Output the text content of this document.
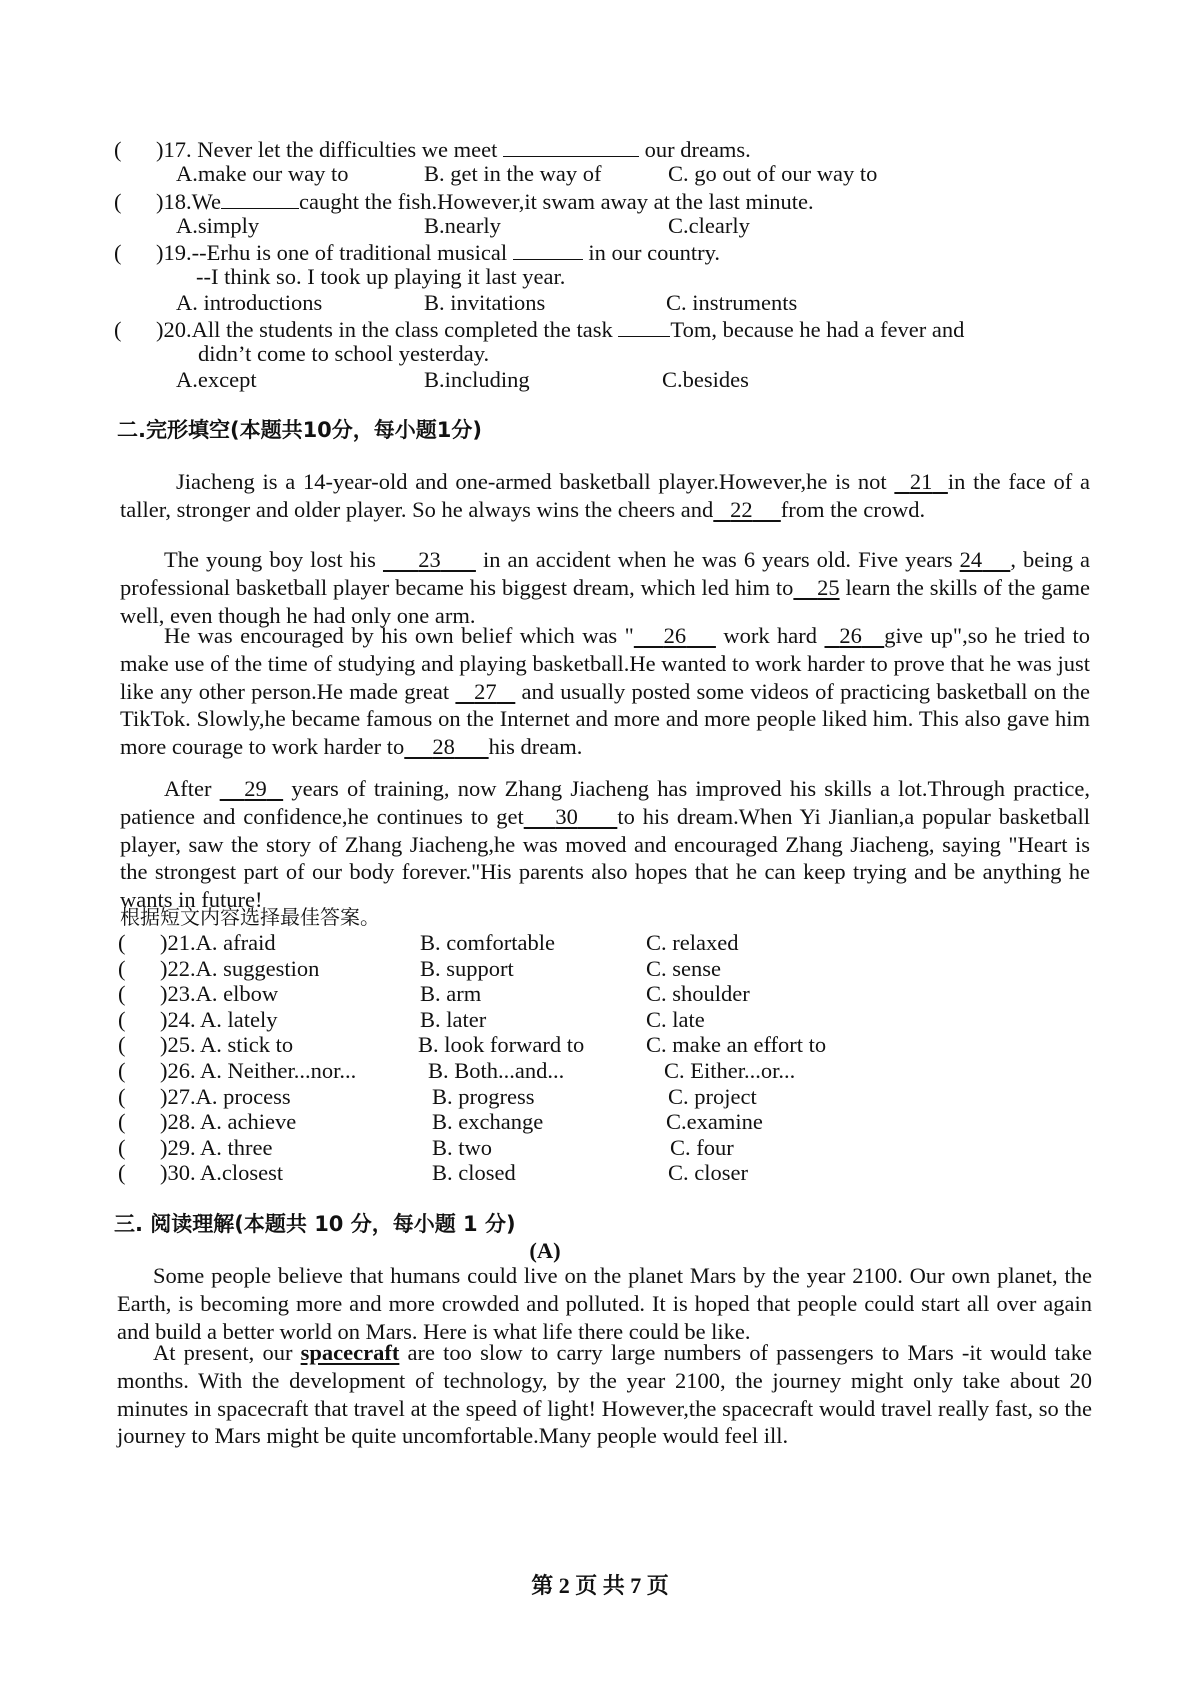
( )17. Never let the difficulties we meet	our dreams.
A.make our way to	B. get in the way of	C. go out of our way to
( )18.We	caught the fish.However,it swam away at the last minute.
A.simply	B.nearly	C.clearly
( )19.--Erhu is one of traditional musical	in our country.
--I think so. I took up playing it last year.
A. introductions	B. invitations	C. instruments
( )20.All the students in the class completed the task	Tom, because he had a fever and
didn’t come to school yesterday.
A.except	B.including	C.besides
二.完形填空(本题共10分，每小题1分)
Jiacheng is a 14-year-old and one-armed basketball player.However,he is not 21 in the face of a taller, stronger and older player. So he always wins the cheers and 22 from the crowd.
The young boy lost his 23      in an accident when he was 6 years old. Five years 24 , being a professional basketball player became his biggest dream, which led him to 25 learn the skills of the game well, even though he had only one arm.
He was encouraged by his own belief which was " 26     work hard   26 give up",so he tried to make use of the time of studying and playing basketball.He wanted to work harder to prove that he was just like any other person.He made great    27    and usually posted some videos of practicing basketball on the TikTok. Slowly,he became famous on the Internet and more and more people liked him. This also gave him more courage to work harder to 28 his dream.
After    29   years of training, now Zhang Jiacheng has improved his skills a lot.Through practice, patience and confidence,he continues to get 30 to his dream.When Yi Jianlian,a popular basketball player, saw the story of Zhang Jiacheng,he was moved and encouraged Zhang Jiacheng, saying "Heart is the strongest part of our body forever."His parents also hopes that he can keep trying and be anything he wants in future!
根据短文内容选择最佳答案。
( )21.A. afraid	B. comfortable	C. relaxed
( )22.A. suggestion	B. support	C. sense
( )23.A. elbow	B. arm	C. shoulder
( )24. A. lately	B. later	C. late
( )25. A. stick to	B. look forward to	C. make an effort to
( )26. A. Neither...nor...	B. Both...and...	C. Either...or...
( )27.A. process	B. progress	C. project
( )28. A. achieve	B. exchange	C.examine
( )29. A. three	B. two	C. four
( )30. A.closest	B. closed	C. closer
三. 阅读理解(本题共 10 分，每小题 1 分)
(A)
Some people believe that humans could live on the planet Mars by the year 2100. Our own planet, the Earth, is becoming more and more crowded and polluted. It is hoped that people could start all over again and build a better world on Mars. Here is what life there could be like.
At present, our spacecraft are too slow to carry large numbers of passengers to Mars -it would take months. With the development of technology, by the year 2100, the journey might only take about 20 minutes in spacecraft that travel at the speed of light! However,the spacecraft would travel really fast, so the journey to Mars might be quite uncomfortable.Many people would feel ill.
第 2 页 共 7 页
